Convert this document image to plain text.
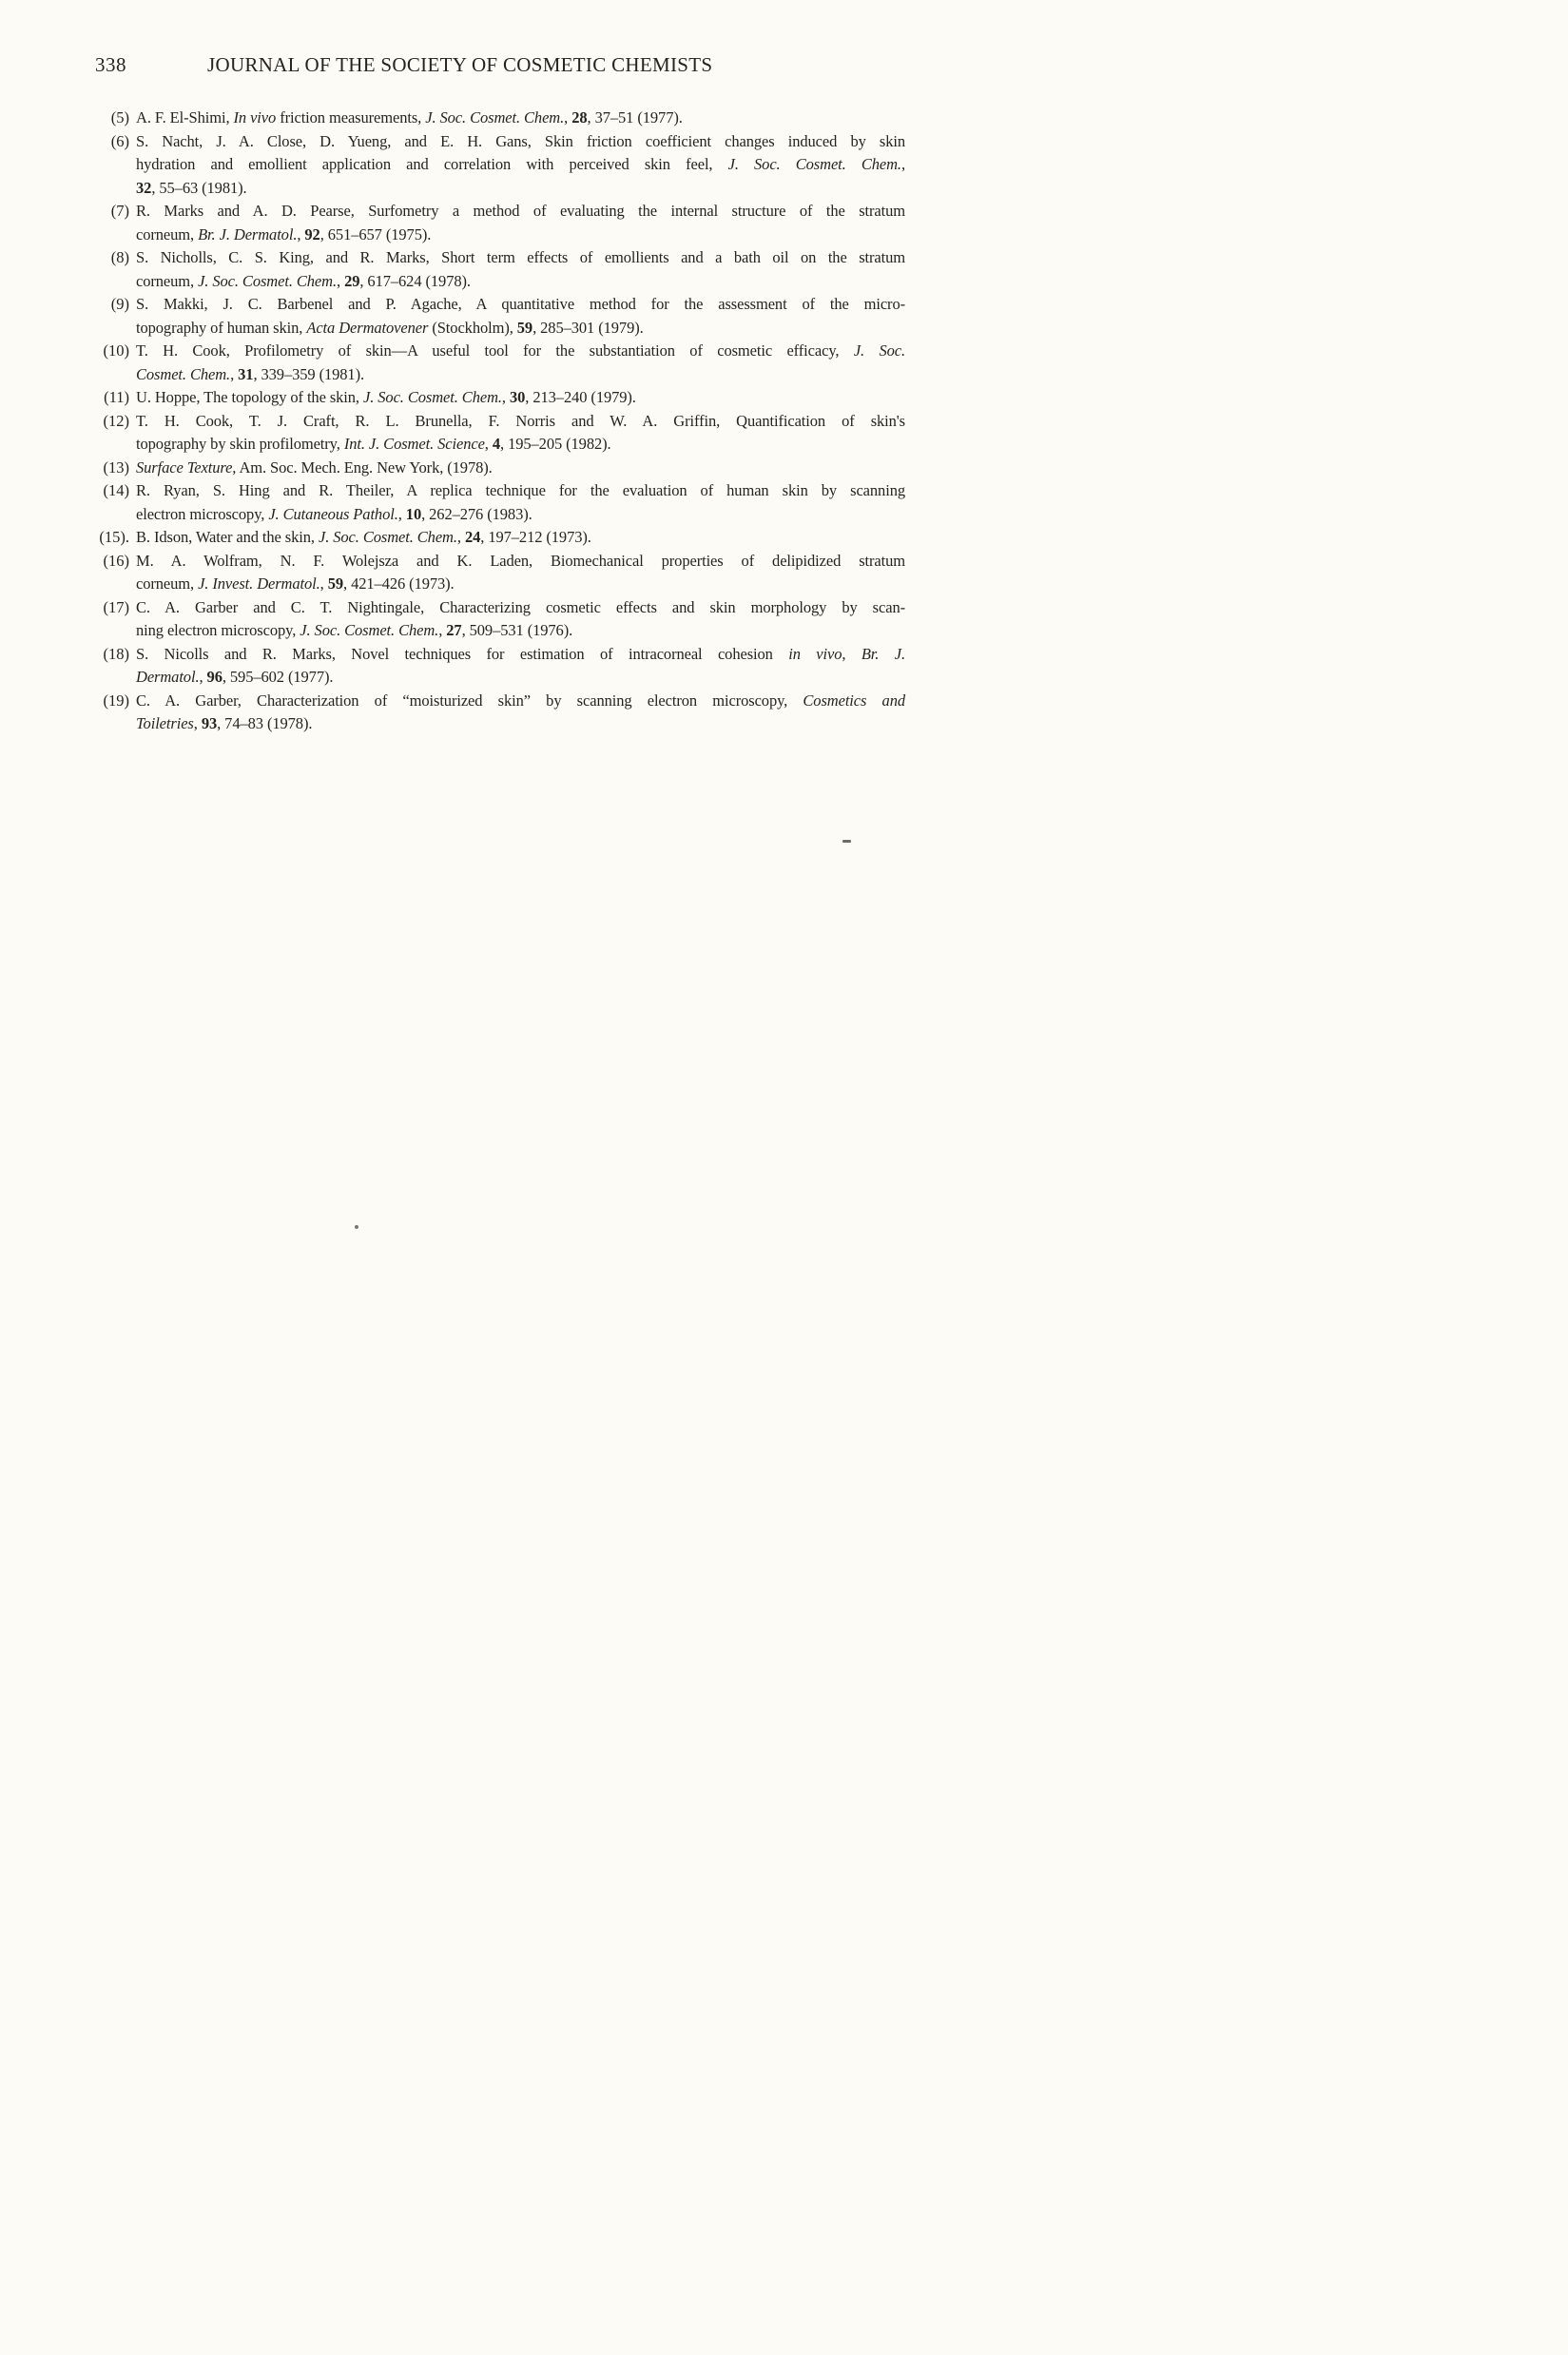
338	JOURNAL OF THE SOCIETY OF COSMETIC CHEMISTS
(5) A. F. El-Shimi, In vivo friction measurements, J. Soc. Cosmet. Chem., 28, 37–51 (1977).
(6) S. Nacht, J. A. Close, D. Yueng, and E. H. Gans, Skin friction coefficient changes induced by skin
hydration and emollient application and correlation with perceived skin feel, J. Soc. Cosmet. Chem.,
32, 55–63 (1981).
(7) R. Marks and A. D. Pearse, Surfometry a method of evaluating the internal structure of the stratum
corneum, Br. J. Dermatol., 92, 651–657 (1975).
(8) S. Nicholls, C. S. King, and R. Marks, Short term effects of emollients and a bath oil on the stratum
corneum, J. Soc. Cosmet. Chem., 29, 617–624 (1978).
(9) S. Makki, J. C. Barbenel and P. Agache, A quantitative method for the assessment of the micro-
topography of human skin, Acta Dermatovener (Stockholm), 59, 285–301 (1979).
(10) T. H. Cook, Profilometry of skin—A useful tool for the substantiation of cosmetic efficacy, J. Soc.
Cosmet. Chem., 31, 339–359 (1981).
(11) U. Hoppe, The topology of the skin, J. Soc. Cosmet. Chem., 30, 213–240 (1979).
(12) T. H. Cook, T. J. Craft, R. L. Brunella, F. Norris and W. A. Griffin, Quantification of skin's
topography by skin profilometry, Int. J. Cosmet. Science, 4, 195–205 (1982).
(13) Surface Texture, Am. Soc. Mech. Eng. New York, (1978).
(14) R. Ryan, S. Hing and R. Theiler, A replica technique for the evaluation of human skin by scanning
electron microscopy, J. Cutaneous Pathol., 10, 262–276 (1983).
(15). B. Idson, Water and the skin, J. Soc. Cosmet. Chem., 24, 197–212 (1973).
(16) M. A. Wolfram, N. F. Wolejsza and K. Laden, Biomechanical properties of delipidized stratum
corneum, J. Invest. Dermatol., 59, 421–426 (1973).
(17) C. A. Garber and C. T. Nightingale, Characterizing cosmetic effects and skin morphology by scan-
ning electron microscopy, J. Soc. Cosmet. Chem., 27, 509–531 (1976).
(18) S. Nicolls and R. Marks, Novel techniques for estimation of intracorneal cohesion in vivo, Br. J.
Dermatol., 96, 595–602 (1977).
(19) C. A. Garber, Characterization of “moisturized skin” by scanning electron microscopy, Cosmetics and
Toiletries, 93, 74–83 (1978).
